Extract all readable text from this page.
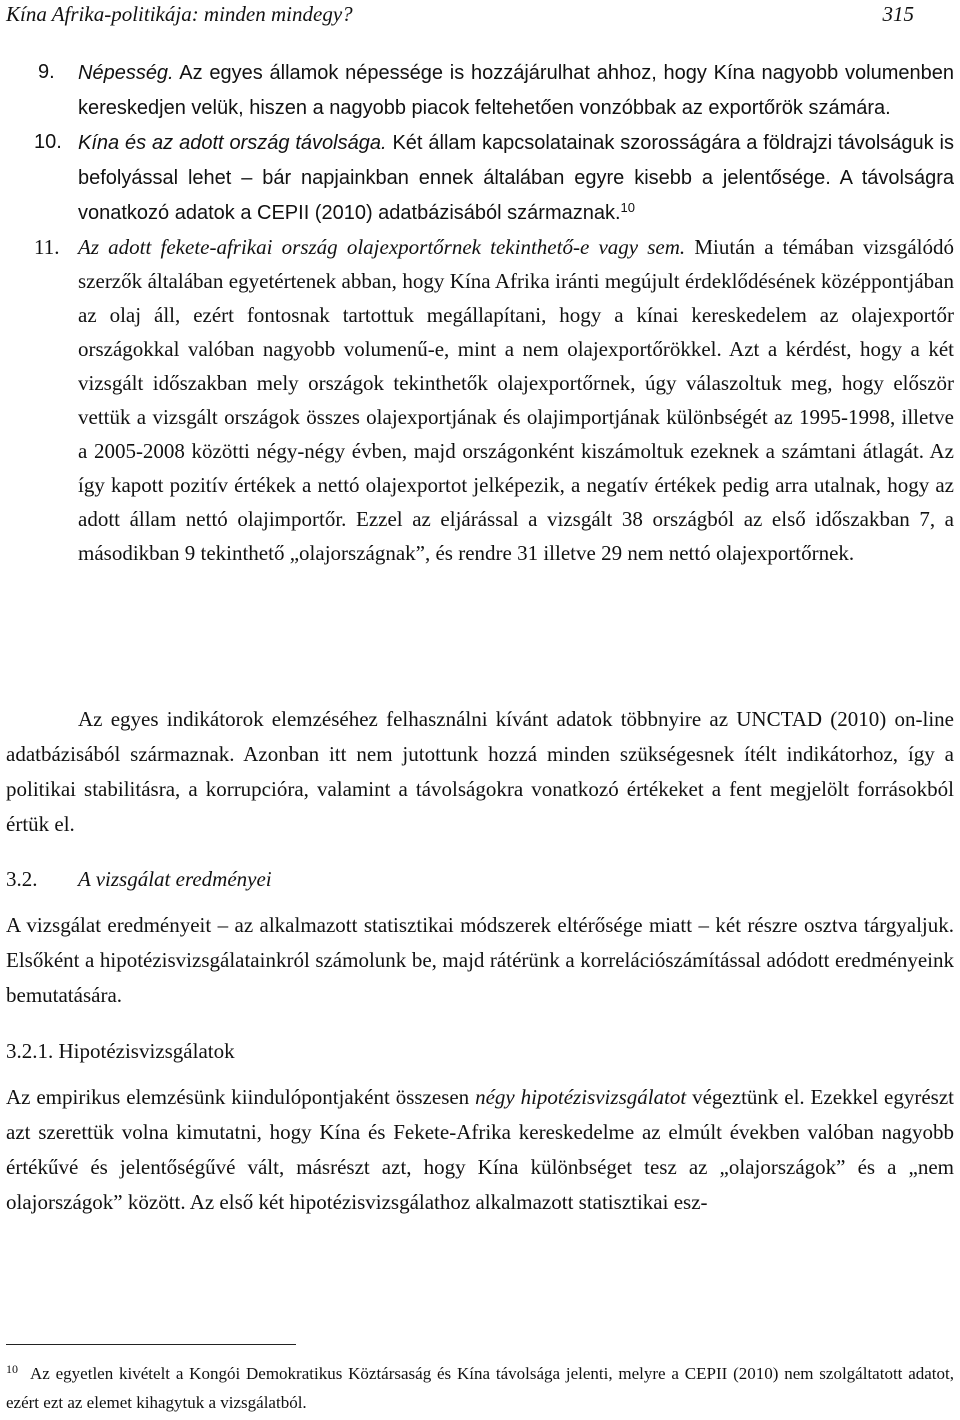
Kína Afrika-politikája: minden mindegy?	315
9. Népesség. Az egyes államok népessége is hozzájárulhat ahhoz, hogy Kína nagyobb volumenben kereskedjen velük, hiszen a nagyobb piacok feltehetően vonzóbbak az exportőrök számára.
10. Kína és az adott ország távolsága. Két állam kapcsolatainak szorosságára a földrajzi távolságuk is befolyással lehet – bár napjainkban ennek általában egyre kisebb a jelentősége. A távolságra vonatkozó adatok a CEPII (2010) adatbázisából származnak.$^{10}$
11. Az adott fekete-afrikai ország olajexportőrnek tekinthető-e vagy sem. Miután a témában vizsgálódó szerzők általában egyetértenek abban, hogy Kína Afrika iránti megújult érdeklődésének középpontjában az olaj áll, ezért fontosnak tartottuk megállapítani, hogy a kínai kereskedelem az olajexportőr országokkal valóban nagyobb volumenű-e, mint a nem olajexportőrökkel. Azt a kérdést, hogy a két vizsgált időszakban mely országok tekinthetők olajexportőrnek, úgy válaszoltuk meg, hogy először vettük a vizsgált országok összes olajexportjának és olajimportjának különbségét az 1995-1998, illetve a 2005-2008 közötti négy-négy évben, majd országonként kiszámoltuk ezeknek a számtani átlagát. Az így kapott pozitív értékek a nettó olajexportot jelképezik, a negatív értékek pedig arra utalnak, hogy az adott állam nettó olajimportőr. Ezzel az eljárással a vizsgált 38 országból az első időszakban 7, a másodikban 9 tekinthető „olajországnak”, és rendre 31 illetve 29 nem nettó olajexportőrnek.
Az egyes indikátorok elemzéséhez felhasználni kívánt adatok többnyire az UNCTAD (2010) on-line adatbázisából származnak. Azonban itt nem jutottunk hozzá minden szükségesnek ítélt indikátorhoz, így a politikai stabilitásra, a korrupcióra, valamint a távolságokra vonatkozó értékeket a fent megjelölt forrásokból értük el.
3.2. A vizsgálat eredményei
A vizsgálat eredményeit – az alkalmazott statisztikai módszerek eltérősége miatt – két részre osztva tárgyaljuk. Elsőként a hipotézisvizsgálatainkról számolunk be, majd rátérünk a korrelációszámítással adódott eredményeink bemutatására.
3.2.1. Hipotézisvizsgálatok
Az empirikus elemzésünk kiindulópontjaként összesen négy hipotézisvizsgálatot végeztünk el. Ezekkel egyrészt azt szerettük volna kimutatni, hogy Kína és Fekete-Afrika kereskedelme az elmúlt években valóban nagyobb értékűvé és jelentőségűvé vált, másrészt azt, hogy Kína különbséget tesz az „olajországok” és a „nem olajországok” között. Az első két hipotézisvizsgálathoz alkalmazott statisztikai esz-
$^{10}$ Az egyetlen kivételt a Kongói Demokratikus Köztársaság és Kína távolsága jelenti, melyre a CEPII (2010) nem szolgáltatott adatot, ezért ezt az elemet kihagytuk a vizsgálatból.
